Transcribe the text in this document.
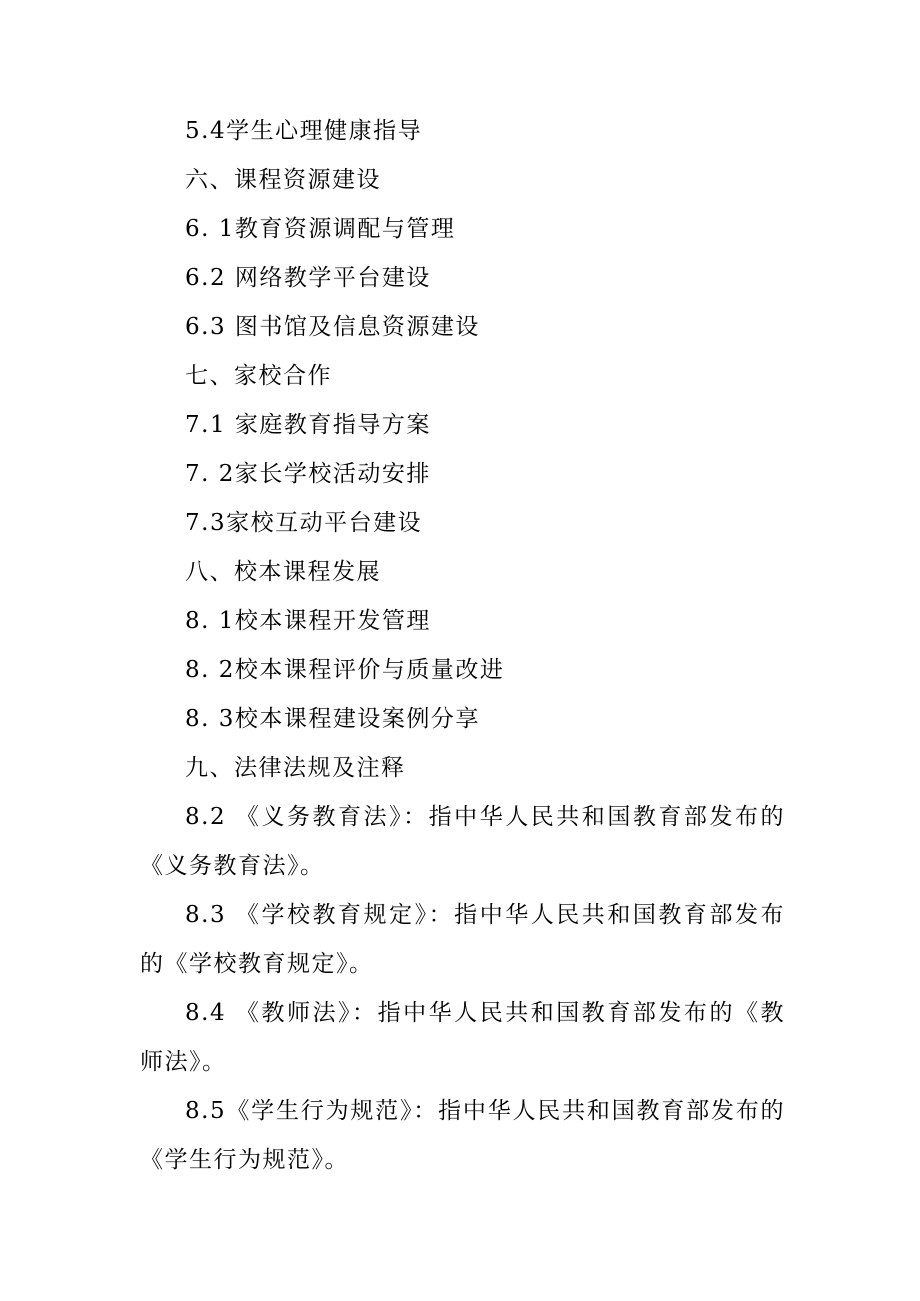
5.4学生心理健康指导
六、课程资源建设
6. 1教育资源调配与管理
6.2 网络教学平台建设
6.3 图书馆及信息资源建设
七、家校合作
7.1 家庭教育指导方案
7. 2家长学校活动安排
7.3家校互动平台建设
八、校本课程发展
8. 1校本课程开发管理
8. 2校本课程评价与质量改进
8. 3校本课程建设案例分享
九、法律法规及注释
8.2 《义务教育法》：指中华人民共和国教育部发布的《义务教育法》。
8.3 《学校教育规定》：指中华人民共和国教育部发布的《学校教育规定》。
8.4 《教师法》：指中华人民共和国教育部发布的《教师法》。
8.5《学生行为规范》：指中华人民共和国教育部发布的《学生行为规范》。
